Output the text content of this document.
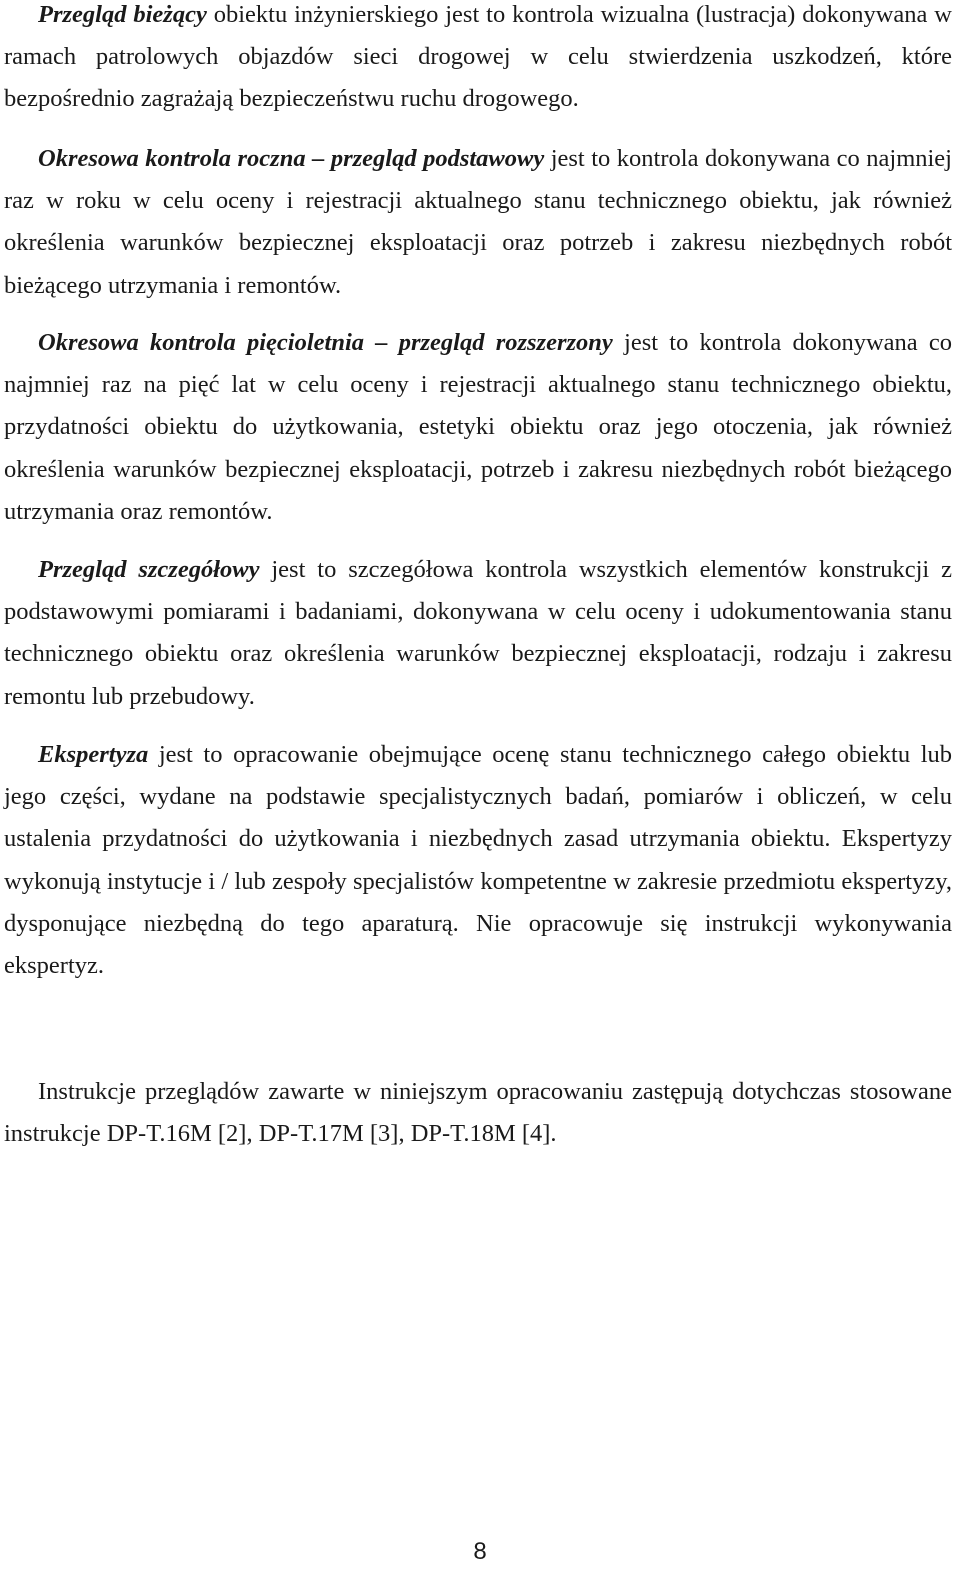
Przegląd bieżący obiektu inżynierskiego jest to kontrola wizualna (lustracja) dokonywana w ramach patrolowych objazdów sieci drogowej w celu stwierdzenia uszkodzeń, które bezpośrednio zagrażają bezpieczeństwu ruchu drogowego.

Okresowa kontrola roczna – przegląd podstawowy jest to kontrola dokonywana co najmniej raz w roku w celu oceny i rejestracji aktualnego stanu technicznego obiektu, jak również określenia warunków bezpiecznej eksploatacji oraz potrzeb i zakresu niezbędnych robót bieżącego utrzymania i remontów.

Okresowa kontrola pięcioletnia – przegląd rozszerzony jest to kontrola dokonywana co najmniej raz na pięć lat w celu oceny i rejestracji aktualnego stanu technicznego obiektu, przydatności obiektu do użytkowania, estetyki obiektu oraz jego otoczenia, jak również określenia warunków bezpiecznej eksploatacji, potrzeb i zakresu niezbędnych robót bieżącego utrzymania oraz remontów.

Przegląd szczegółowy jest to szczegółowa kontrola wszystkich elementów konstrukcji z podstawowymi pomiarami i badaniami, dokonywana w celu oceny i udokumentowania stanu technicznego obiektu oraz określenia warunków bezpiecznej eksploatacji, rodzaju i zakresu remontu lub przebudowy.

Ekspertyza jest to opracowanie obejmujące ocenę stanu technicznego całego obiektu lub jego części, wydane na podstawie specjalistycznych badań, pomiarów i obliczeń, w celu ustalenia przydatności do użytkowania i niezbędnych zasad utrzymania obiektu. Ekspertyzy wykonują instytucje i / lub zespoły specjalistów kompetentne w zakresie przedmiotu ekspertyzy, dysponujące niezbędną do tego aparaturą. Nie opracowuje się instrukcji wykonywania ekspertyz.

Instrukcje przeglądów zawarte w niniejszym opracowaniu zastępują dotychczas stosowane instrukcje DP-T.16M [2], DP-T.17M [3], DP-T.18M [4].

8
